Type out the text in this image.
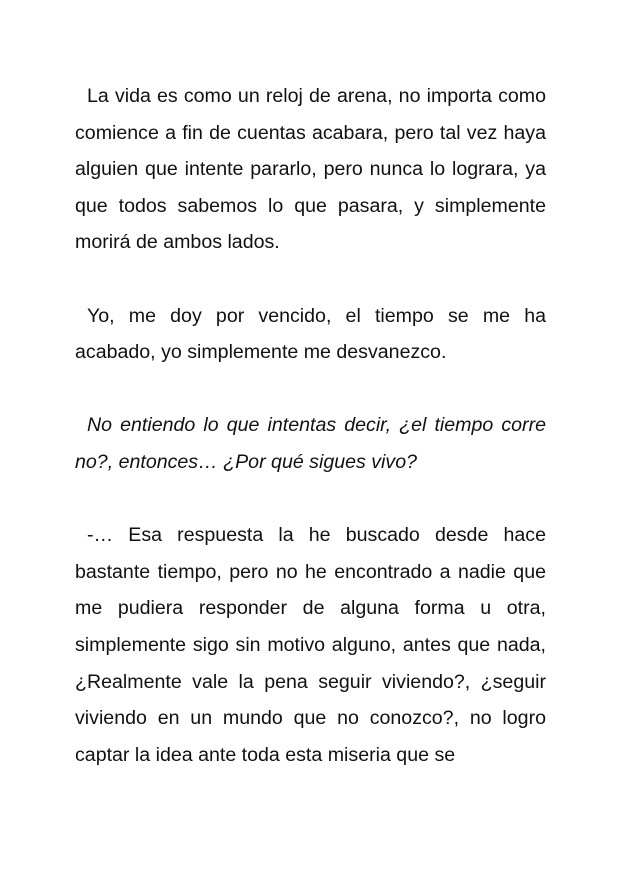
La vida es como un reloj de arena, no importa como comience a fin de cuentas acabara, pero tal vez haya alguien que intente pararlo, pero nunca lo lograra, ya que todos sabemos lo que pasara, y simplemente morirá de ambos lados.

Yo, me doy por vencido, el tiempo se me ha acabado, yo simplemente me desvanezco.

No entiendo lo que intentas decir, ¿el tiempo corre no?, entonces… ¿Por qué sigues vivo?

-… Esa respuesta la he buscado desde hace bastante tiempo, pero no he encontrado a nadie que me pudiera responder de alguna forma u otra, simplemente sigo sin motivo alguno, antes que nada, ¿Realmente vale la pena seguir viviendo?, ¿seguir viviendo en un mundo que no conozco?, no logro captar la idea ante toda esta miseria que se
